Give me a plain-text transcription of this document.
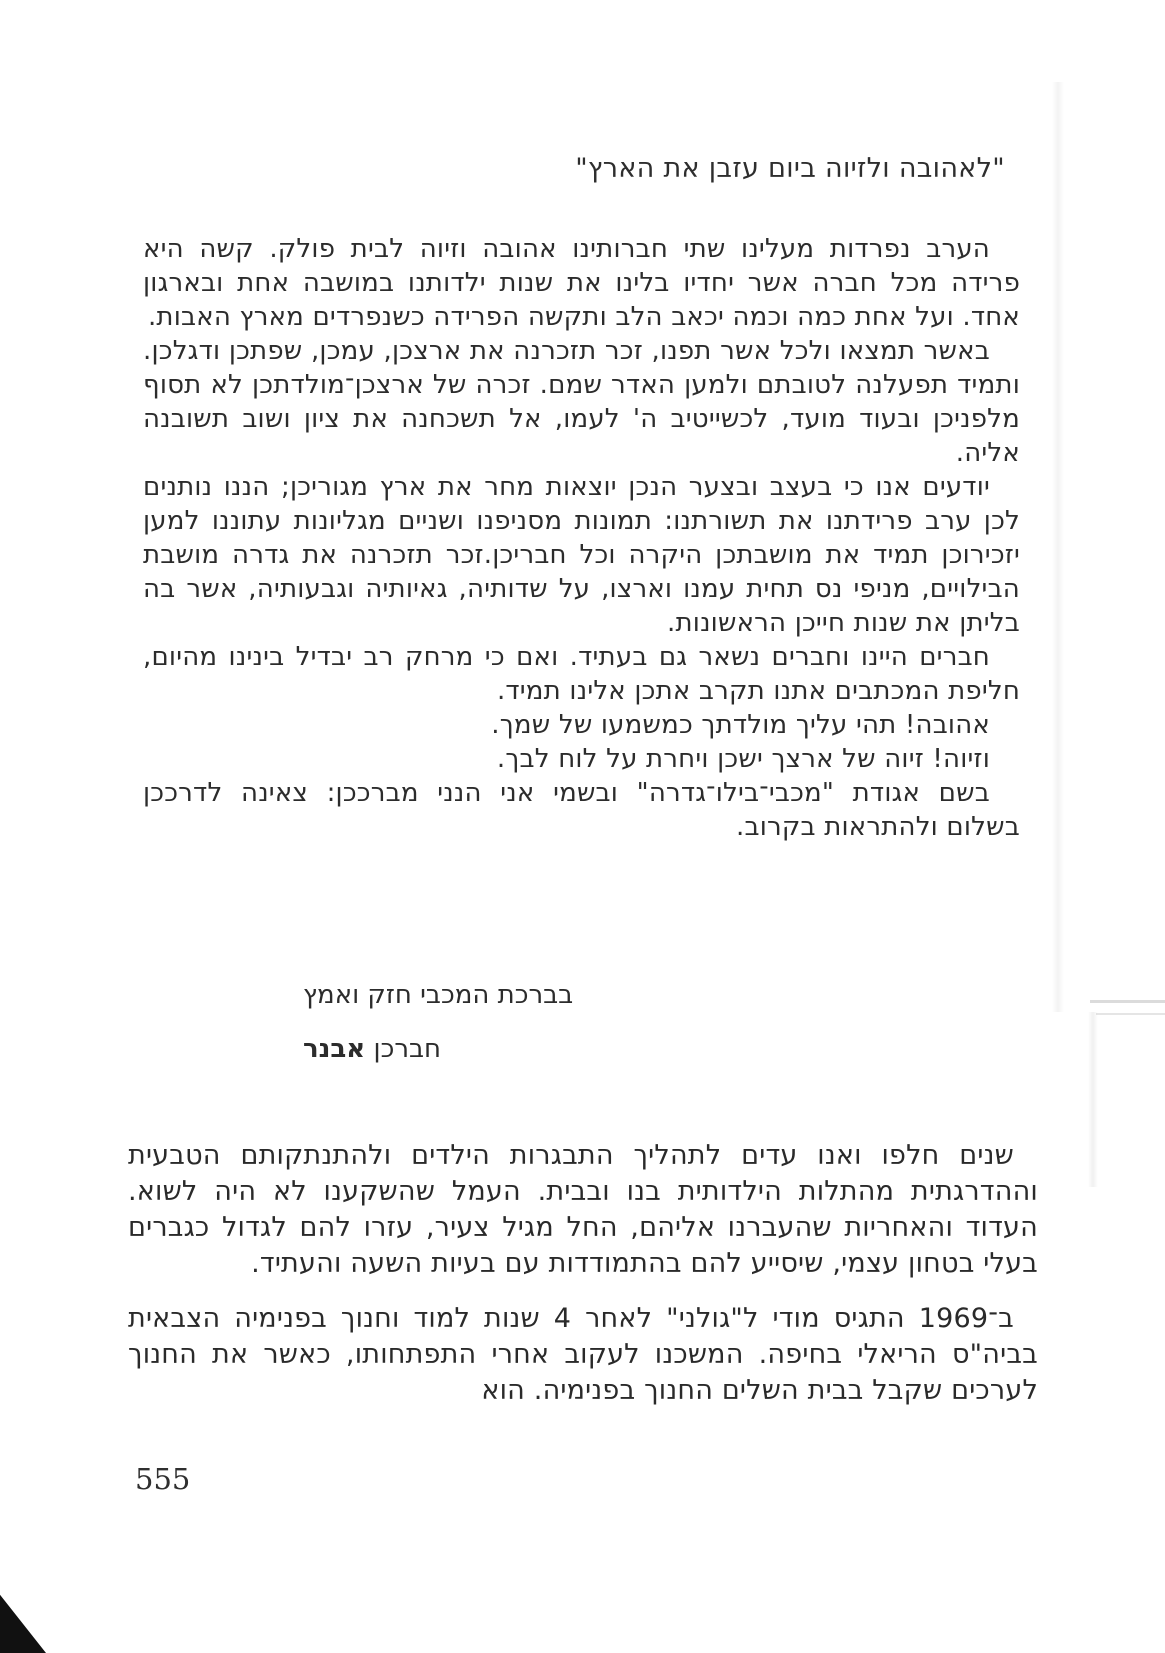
"לאהובה ולזיוה ביום עזבן את הארץ"

הערב נפרדות מעלינו שתי חברותינו אהובה וזיוה לבית פולק. קשה היא פרידה מכל חברה אשר יחדיו בלינו את שנות ילדותנו במושבה אחת ובארגון אחד. ועל אחת כמה וכמה יכאב הלב ותקשה הפרידה כשנפרדים מארץ האבות.

באשר תמצאו ולכל אשר תפנו, זכר תזכרנה את ארצכן, עמכן, שפתכן ודגלכן. ותמיד תפעלנה לטובתם ולמען האדר שמם. זכרה של ארצכן־מולדתכן לא תסוף מלפניכן ובעוד מועד, לכשייטיב ה' לעמו, אל תשכחנה את ציון ושוב תשובנה אליה.

יודעים אנו כי בעצב ובצער הנכן יוצאות מחר את ארץ מגוריכן; הננו נותנים לכן ערב פרידתנו את תשורתנו: תמונות מסניפנו ושניים מגליונות עתוננו למען יזכירוכן תמיד את מושבתכן היקרה וכל חבריכן.זכר תזכרנה את גדרה מושבת הבילויים, מניפי נס תחית עמנו וארצו, על שדותיה, גאיותיה וגבעותיה, אשר בה בליתן את שנות חייכן הראשונות.

חברים היינו וחברים נשאר גם בעתיד. ואם כי מרחק רב יבדיל בינינו מהיום, חליפת המכתבים אתנו תקרב אתכן אלינו תמיד.

אהובה! תהי עליך מולדתך כמשמעו של שמך.

וזיוה! זיוה של ארצך ישכן ויחרת על לוח לבך.

בשם אגודת "מכבי־בילו־גדרה" ובשמי אני הנני מברככן: צאינה לדרככן בשלום ולהתראות בקרוב.

בברכת המכבי חזק ואמץ
חברכן אבנר

שנים חלפו ואנו עדים לתהליך התבגרות הילדים ולהתנתקותם הטבעית וההדרגתית מהתלות הילדותית בנו ובבית. העמל שהשקענו לא היה לשוא. העדוד והאחריות שהעברנו אליהם, החל מגיל צעיר, עזרו להם לגדול כגברים בעלי בטחון עצמי, שיסייע להם בהתמודדות עם בעיות השעה והעתיד.

ב־1969 התגיס מודי ל"גולני" לאחר 4 שנות למוד וחנוך בפנימיה הצבאית בביה"ס הריאלי בחיפה. המשכנו לעקוב אחרי התפתחותו, כאשר את החנוך לערכים שקבל בבית השלים החנוך בפנימיה. הוא

555
